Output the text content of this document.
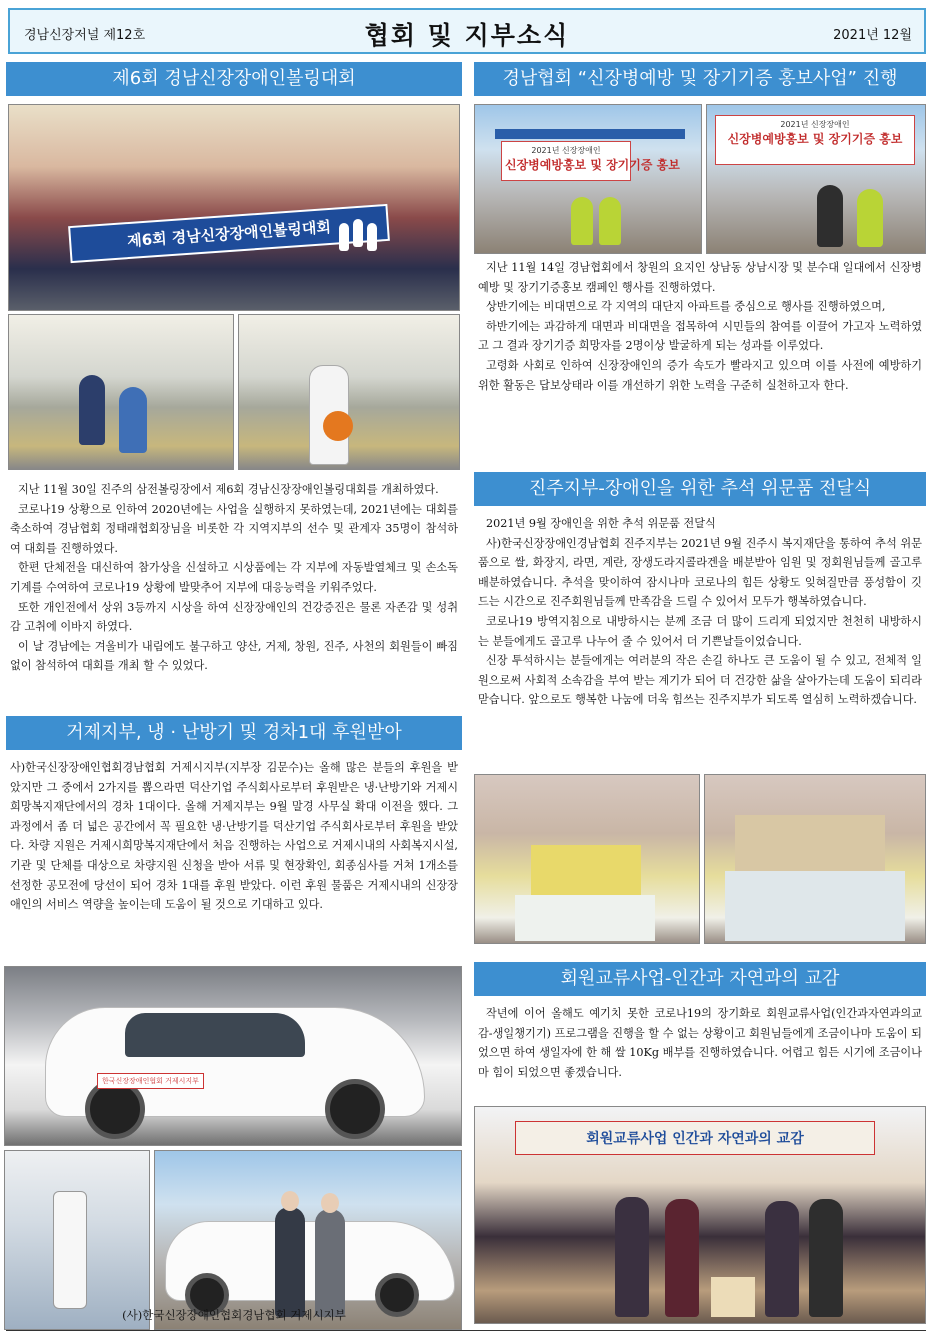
경남신장저널 제12호	협회 및 지부소식	2021년 12월
제6회 경남신장장애인볼링대회
제6회 경남신장장애인볼링대회

지난 11월 30일 진주의 삼전볼링장에서 제6회 경남신장장애인볼링대회를 개최하였다.

코로나19 상황으로 인하여 2020년에는 사업을 실행하지 못하였는데, 2021년에는 대회를 축소하여 경남협회 정태래협회장님을 비롯한 각 지역지부의 선수 및 관계자 35명이 참석하여 대회를 진행하였다.

한편 단체전을 대신하여 참가상을 신설하고 시상품에는 각 지부에 자동발열체크 및 손소독 기계를 수여하여 코로나19 상황에 발맞추어 지부에 대응능력을 키워주었다.

또한 개인전에서 상위 3등까지 시상을 하여 신장장애인의 건강증진은 물론 자존감 및 성취감 고취에 이바지 하였다.

이 날 경남에는 겨울비가 내림에도 불구하고 양산, 거제, 창원, 진주, 사천의 회원들이 빠짐없이 참석하여 대회를 개최 할 수 있었다.

거제지부, 냉 · 난방기 및 경차1대 후원받아

사)한국신장장애인협회경남협회 거제시지부(지부장 김문수)는 올해 많은 분들의 후원을 받았지만 그 중에서 2가지를 뽑으라면 덕산기업 주식회사로부터 후원받은 냉·난방기와 거제시 희망복지재단에서의 경차 1대이다. 올해 거제지부는 9월 말경 사무실 확대 이전을 했다. 그 과정에서 좀 더 넓은 공간에서 꼭 필요한 냉·난방기를 덕산기업 주식회사로부터 후원을 받았다. 차량 지원은 거제시희망복지재단에서 처음 진행하는 사업으로 거제시내의 사회복지시설, 기관 및 단체를 대상으로 차량지원 신청을 받아 서류 및 현장확인, 회종심사를 거쳐 1개소를 선정한 공모전에 당선이 되어 경차 1대를 후원 받았다. 이런 후원 물품은 거제시내의 신장장애인의 서비스 역량을 높이는데 도움이 될 것으로 기대하고 있다.

한국신장장애인협회 거제시지부
(사)한국신장장애인협회경남협회 거제시지부
경남협회 “신장병예방 및 장기기증 홍보사업” 진행
2021년 신장장애인
신장병예방홍보 및 장기기증 홍보
2021년 신장장애인
신장병예방홍보 및 장기기증 홍보

지난 11월 14일 경남협회에서 창원의 요지인 상남동 상남시장 및 분수대 일대에서 신장병예방 및 장기기증홍보 캠페인 행사를 진행하였다.

상반기에는 비대면으로 각 지역의 대단지 아파트를 중심으로 행사를 진행하였으며,

하반기에는 과감하게 대면과 비대면을 접목하여 시민들의 참여를 이끌어 가고자 노력하였고 그 결과 장기기증 희망자를 2명이상 발굴하게 되는 성과를 이루었다.

고령화 사회로 인하여 신장장애인의 증가 속도가 빨라지고 있으며 이를 사전에 예방하기 위한 활동은 답보상태라 이를 개선하기 위한 노력을 구준히 실천하고자 한다.

진주지부-장애인을 위한 추석 위문품 전달식

2021년 9월 장애인을 위한 추석 위문품 전달식

사)한국신장장애인경남협회 진주지부는 2021년 9월 진주시 복지재단을 통하여 추석 위문품으로 쌀, 화장지, 라면, 계란, 장생도라지콜라겐을 배분받아 임원 및 정회원님들께 골고루 배분하였습니다. 추석을 맞이하여 잠시나마 코로나의 힘든 상황도 잊혀질만큼 풍성함이 깃드는 시간으로 진주회원님들께 만족감을 드릴 수 있어서 모두가 행복하였습니다.

코로나19 방역지침으로 내방하시는 분께 조금 더 많이 드리게 되었지만 천천히 내방하시는 분들에게도 골고루 나누어 줄 수 있어서 더 기쁜날들이었습니다.

신장 투석하시는 분들에게는 여러분의 작은 손길 하나도 큰 도움이 될 수 있고, 전체적 일원으로써 사회적 소속감을 부여 받는 계기가 되어 더 건강한 삶을 살아가는데 도움이 되리라 맏습니다. 앞으로도 행복한 나눔에 더욱 힘쓰는 진주지부가 되도록 열심히 노력하겠습니다.

회원교류사업-인간과 자연과의 교감

작년에 이어 올해도 예기치 못한 코로나19의 장기화로 회원교류사업(인간과자연과의교감-생일챙기기) 프로그램을 진행을 할 수 없는 상황이고 회원님들에게 조금이나마 도움이 되었으면 하여 생일자에 한 해 쌀 10Kg 배부를 진행하였습니다. 어렵고 힘든 시기에 조금이나마 힘이 되었으면 좋겠습니다.

회원교류사업 인간과 자연과의 교감
